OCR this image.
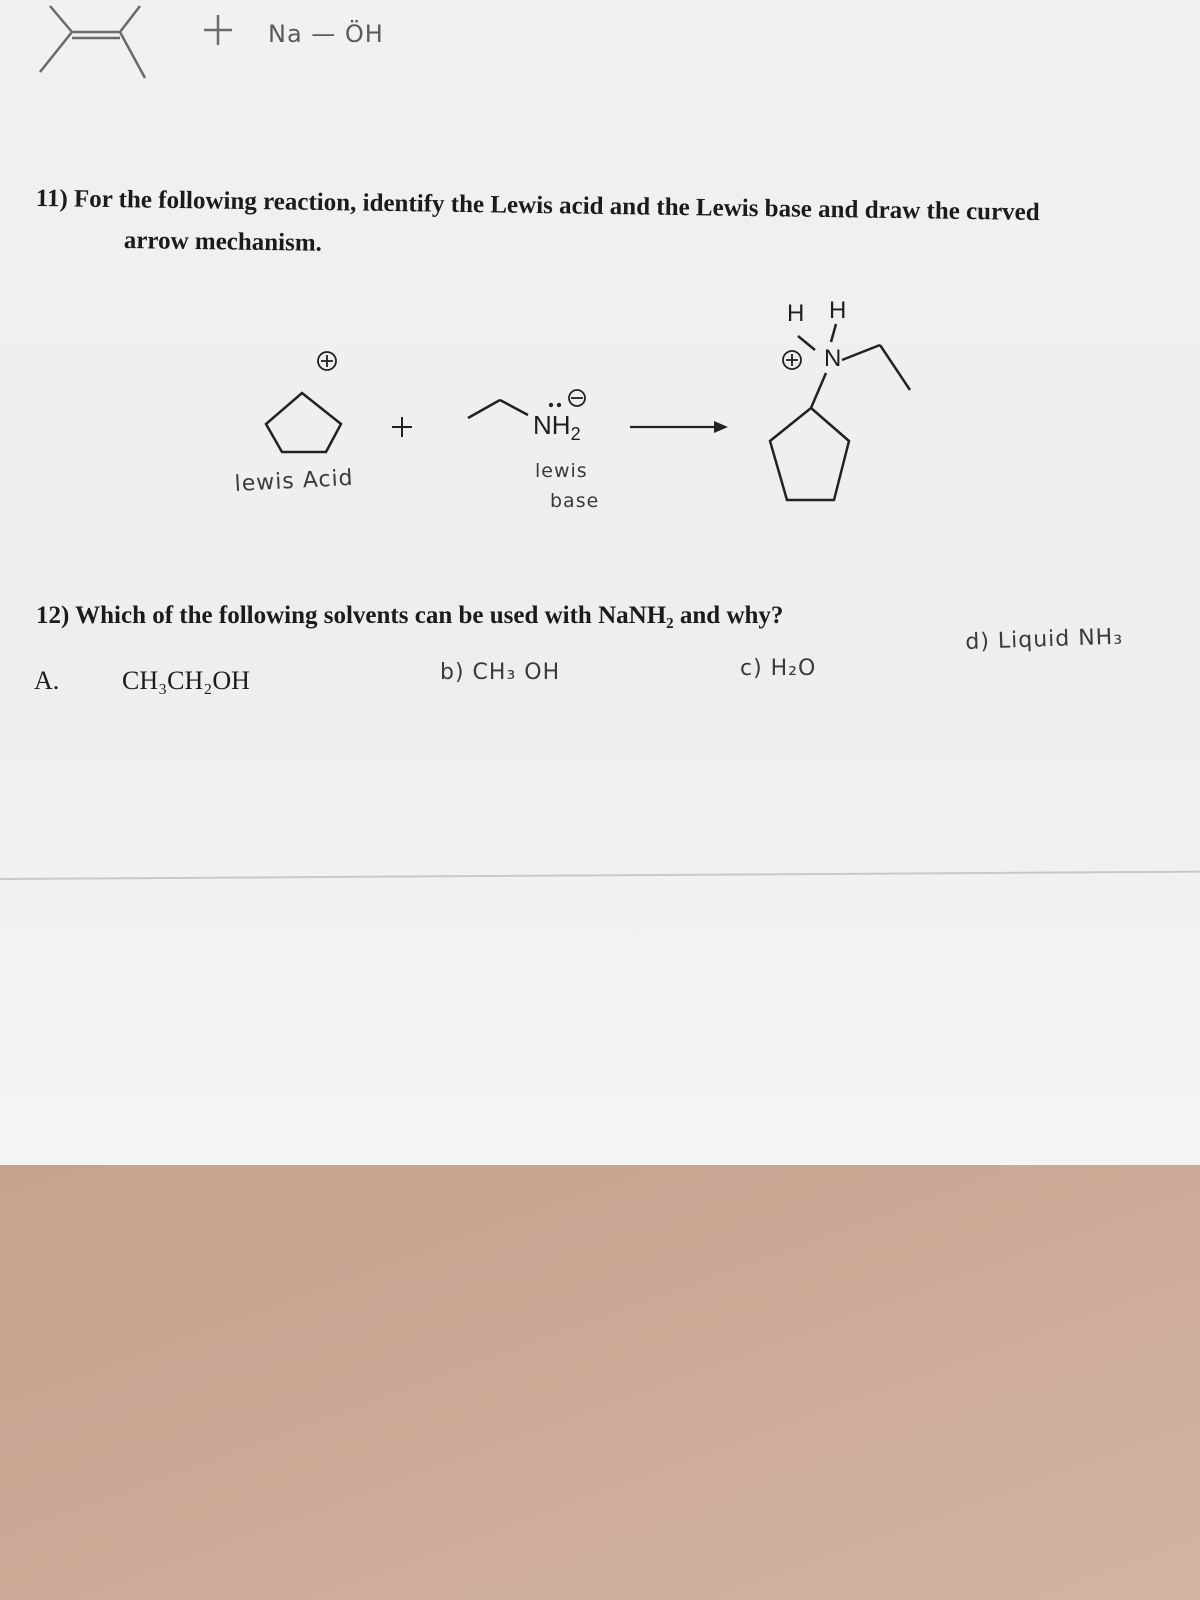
Na — ÖH
11) For the following reaction, identify the Lewis acid and the Lewis base and draw the curved
arrow mechanism.
$NH_2$
H H
N
lewis Acid	lewis
base
12) Which of the following solvents can be used with NaNH₂ and why?
A. CH₃CH₂OH	b) CH₃ OH	c) H₂O
d) Liquid NH₃
